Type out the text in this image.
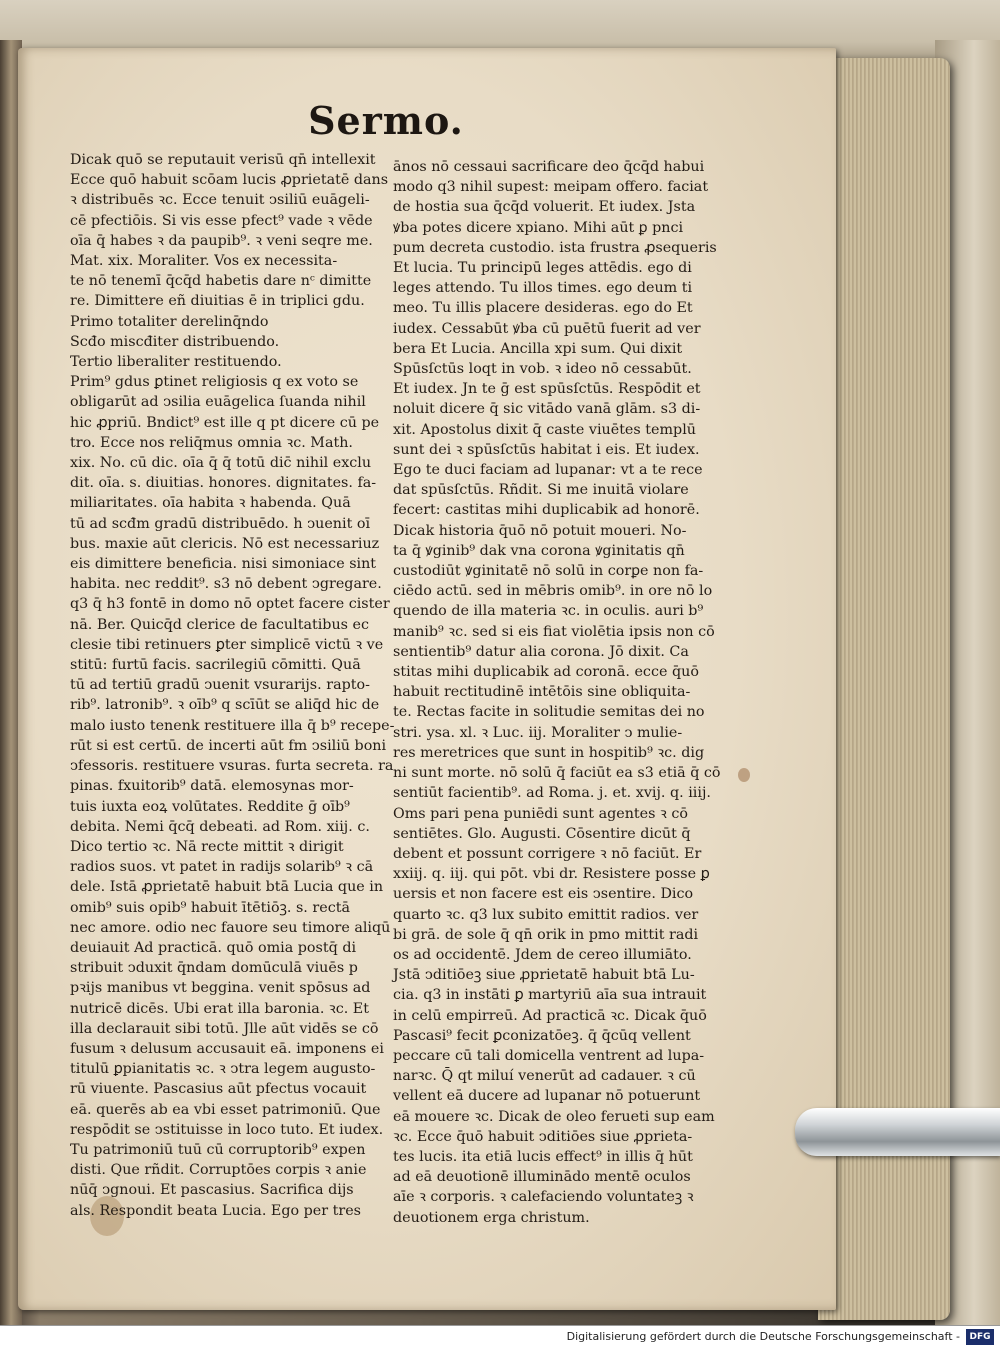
Sermo.
Dicak quō se reputauit verisū qn̄ intellexit
Ecce quō habuit scōam lucis ꝓprietatē dans
ꝛ distribuēs ꝛc. Ecce tenuit ↄsiliū euāgeli-
cē pfectiōis. Si vis esse pfect⁹ vade ꝛ vēde
oīa q̄ habes ꝛ da paupib⁹. ꝛ veni seqre me.
Mat. xix. Moraliter. Vos ex necessita-
te nō tenemī q̄cq̄d habetis dare nᶜ dimitte
re. Dimittere eñ diuitias ē in triplici gdu.
Primo totaliter derelinq̄ndo
Scđo miscđiter distribuendo.
Tertio liberaliter restituendo.
Prim⁹ gdus ꝑtinet religiosis q ex voto se
obligarūt ad ↄsilia euāgelica ſuanda nihil
hic ꝓpriū. Bndict⁹ est ille q pt dicere cū pe
tro. Ecce nos reliq̄mus omnia ꝛc. Math.
xix. No. cū dic. oīa q̄ q̄ totū dic̄ nihil exclu
dit. oīa. s. diuitias. honores. dignitates. fa-
miliaritates. oīa habita ꝛ habenda. Quā
tū ad scđm gradū distribuēdo. h ↄuenit oī
bus. maxie aūt clericis. Nō est necessariuz
eis dimittere beneficia. nisi simoniace sint
habita. nec reddit⁹. s3 nō debent ↄgregare.
q3 q̄ h3 fontē in domo nō optet facere cister
nā. Ber. Quicq̄d clerice de facultatibus ec
clesie tibi retinuers ꝑter simplicē victū ꝛ ve
stitū: furtū facis. sacrilegiū cōmitti. Quā
tū ad tertiū gradū ↄuenit vsurarijs. rapto-
rib⁹. latronib⁹. ꝛ oīb⁹ q scīūt se aliq̄d hic de
malo iusto tenenk restituere illa q̄ b⁹ recepe-
rūt si est certū. de incerti aūt fm ↄsiliū boni
ↄfessoris. restituere vsuras. furta secreta. ra
pinas. fxuitorib⁹ datā. elemosynas mor-
tuis iuxta eoꝝ volūtates. Reddite ḡ oīb⁹
debita. Nemi q̄cq̄ debeati. ad Rom. xiij. c.
Dico tertio ꝛc. Nā recte mittit ꝛ dirigit
radios suos. vt patet in radijs solarib⁹ ꝛ cā
dele. Istā ꝓprietatē habuit btā Lucia que in
omib⁹ suis opib⁹ habuit ītētiōꝫ. s. rectā
nec amore. odio nec fauore seu timore aliqū
deuiauit Ad practicā. quō omia postq̄ di
stribuit ↄduxit q̄ndam domūculā viuēs p
pꝛijs manibus vt beggina. venit spōsus ad
nutricē dicēs. Ubi erat illa baronia. ꝛc. Et
illa declarauit sibi totū. Jlle aūt vidēs se cō
fusum ꝛ delusum accusauit eā. imponens ei
titulū ꝑpianitatis ꝛc. ꝛ ↄtra legem augusto-
rū viuente. Pascasius aūt pfectus vocauit
eā. querēs ab ea vbi esset patrimoniū. Que
respōdit se ↄstituisse in loco tuto. Et iudex.
Tu patrimoniū tuū cū corruptorib⁹ expen
disti. Que rñdit. Corruptōes corpis ꝛ anie
nūq̄ ↄgnoui. Et pascasius. Sacrifica dijs
als. Respondit beata Lucia. Ego per tres
ānos nō cessaui sacrificare deo q̄cq̄d habui
modo q3 nihil supest: meipam offero. faciat
de hostia sua q̄cq̄d voluerit. Et iudex. Jsta
ꝟba potes dicere xpiano. Mihi aūt ꝑ pnci
pum decreta custodio. ista frustra ꝓsequeris
Et lucia. Tu principū leges attēdis. ego di
leges attendo. Tu illos times. ego deum ti
meo. Tu illis placere desideras. ego do Et
iudex. Cessabūt ꝟba cū puētū fuerit ad ver
bera Et Lucia. Ancilla xpi sum. Qui dixit
Spūsſctūs loqt in vob. ꝛ ideo nō cessabūt.
Et iudex. Jn te ḡ est spūsſctūs. Respōdit et
noluit dicere q̄ sic vitādo vanā glām. s3 di-
xit. Apostolus dixit q̄ caste viuētes templū
sunt dei ꝛ spūsſctūs habitat i eis. Et iudex.
Ego te duci faciam ad lupanar: vt a te rece
dat spūsſctūs. Rñdit. Si me inuitā violare
fecert: castitas mihi duplicabik ad honorē.
Dicak historia q̄uō nō potuit moueri. No-
ta q̄ ꝟginib⁹ dak vna corona ꝟginitatis qn̄
custodiūt ꝟginitatē nō solū in corꝑe non fa-
ciēdo actū. sed in mēbris omib⁹. in ore nō lo
quendo de illa materia ꝛc. in oculis. auri b⁹
manib⁹ ꝛc. sed si eis fiat violētia ipsis non cō
sentientib⁹ datur alia corona. Jō dixit. Ca
stitas mihi duplicabik ad coronā. ecce q̄uō
habuit rectitudinē intētōis sine obliquita-
te. Rectas facite in solitudie semitas dei no
stri. ysa. xl. ꝛ Luc. iij. Moraliter ↄ mulie-
res meretrices que sunt in hospitib⁹ ꝛc. dig
ni sunt morte. nō solū q̄ faciūt ea s3 etiā q̄ cō
sentiūt facientib⁹. ad Roma. j. et. xvij. q. iiij.
Oms pari pena puniēdi sunt agentes ꝛ cō
sentiētes. Glo. Augusti. Cōsentire dicūt q̄
debent et possunt corrigere ꝛ nō faciūt. Er
xxiij. q. iij. qui pōt. vbi dr. Resistere posse ꝑ
uersis et non facere est eis ↄsentire. Dico
quarto ꝛc. q3 lux subito emittit radios. ver
bi grā. de sole q̄ qn̄ orik in pmo mittit radi
os ad occidentē. Jdem de cereo illumiāto.
Jstā ↄditiōeꝫ siue ꝓprietatē habuit btā Lu-
cia. q3 in instāti ꝑ martyriū aīa sua intrauit
in celū empirreū. Ad practicā ꝛc. Dicak q̄uō
Pascasi⁹ fecit ꝑconizatōeꝫ. q̄ q̄cūq vellent
peccare cū tali domicella ventrent ad lupa-
narꝛc. Q̄ qt miluí venerūt ad cadauer. ꝛ cū
vellent eā ducere ad lupanar nō potuerunt
eā mouere ꝛc. Dicak de oleo ferueti sup eam
ꝛc. Ecce q̄uō habuit ↄditiōes siue ꝓprieta-
tes lucis. ita etiā lucis effect⁹ in illis q̄ hūt
ad eā deuotionē illuminādo mentē oculos
aīe ꝛ corporis. ꝛ calefaciendo voluntateꝫ ꝛ
deuotionem erga christum.
Digitalisierung gefördert durch die Deutsche Forschungsgemeinschaft -	DFG
